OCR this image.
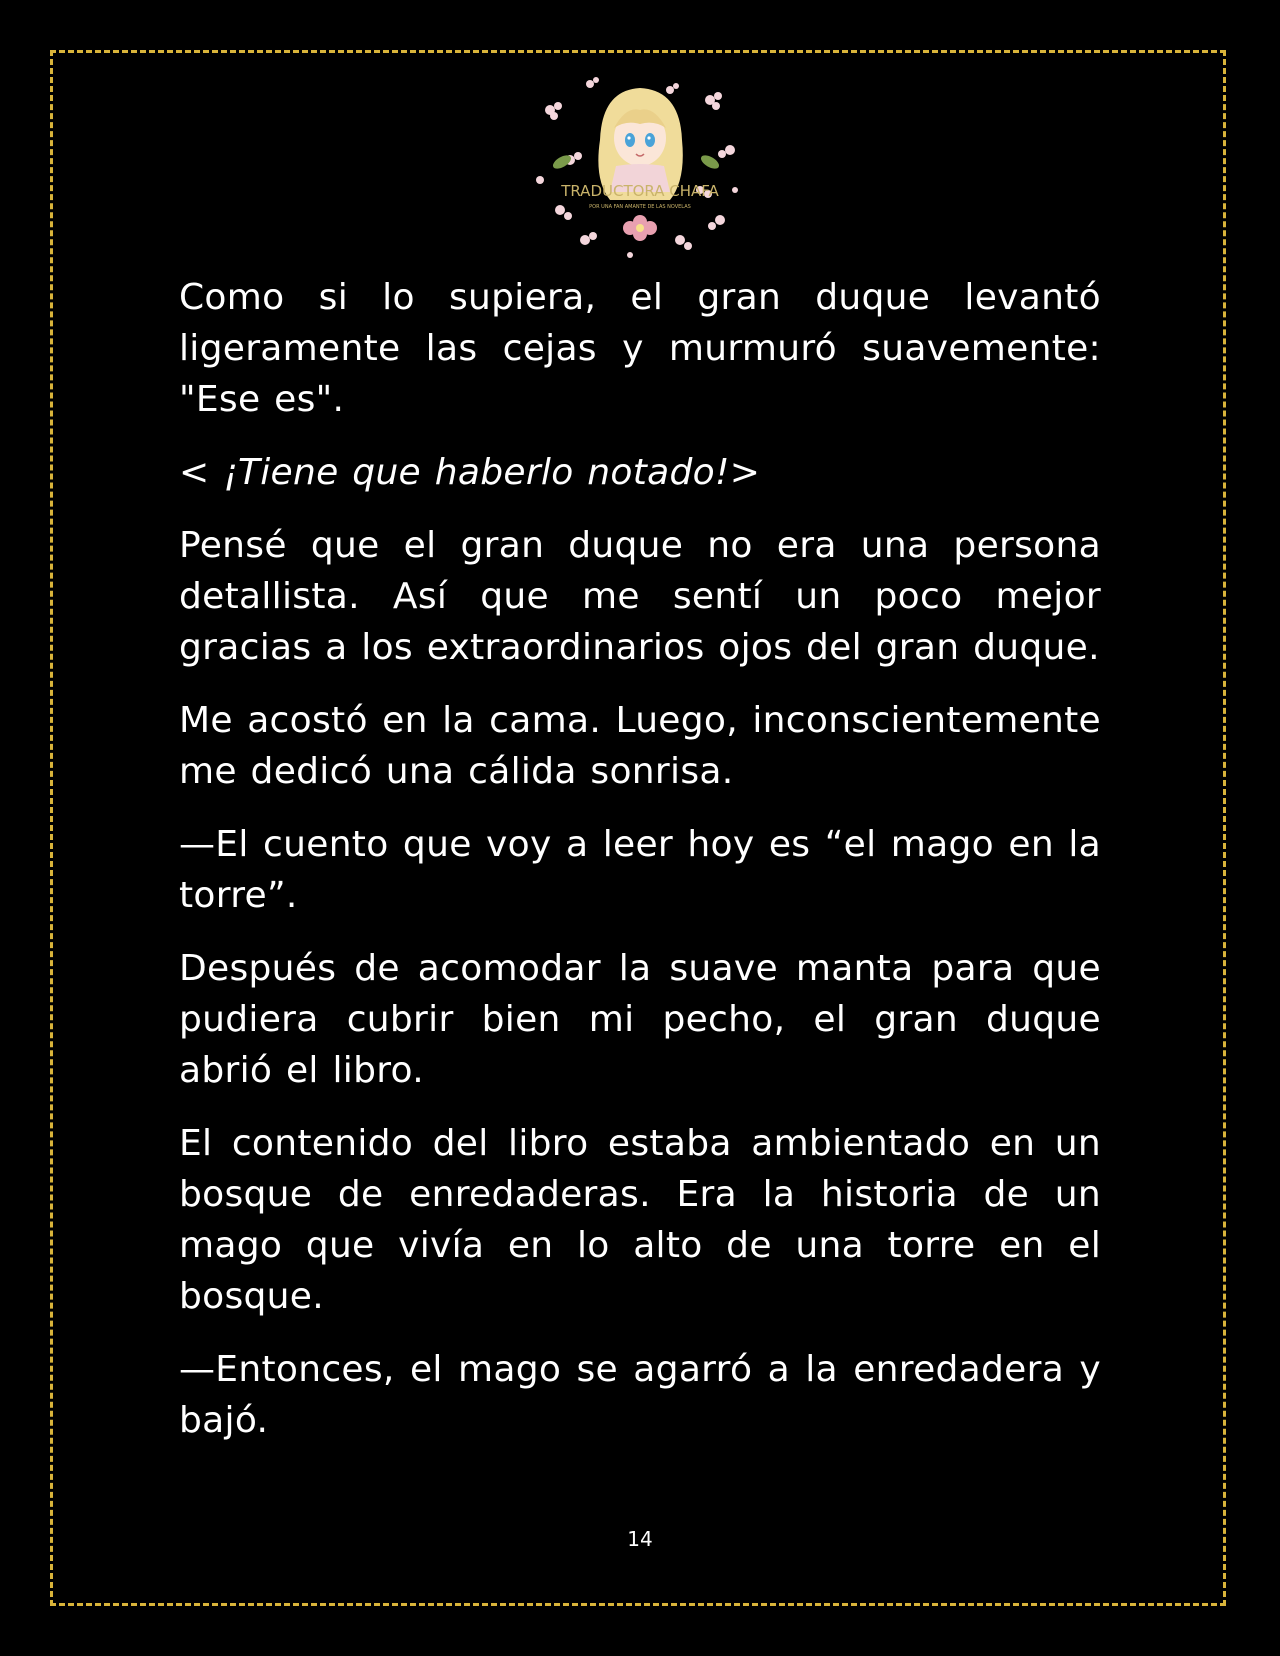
TRADUCTORA CHAFA
POR UNA FAN AMANTE DE LAS NOVELAS

Como si lo supiera, el gran duque levantó ligeramente las cejas y murmuró suavemente: "Ese es".

< ¡Tiene que haberlo notado!>

Pensé que el gran duque no era una persona detallista. Así que me sentí un poco mejor gracias a los extraordinarios ojos del gran duque.

Me acostó en la cama. Luego, inconscientemente me dedicó una cálida sonrisa.

—El cuento que voy a leer hoy es “el mago en la torre”.

Después de acomodar la suave manta para que pudiera cubrir bien mi pecho, el gran duque abrió el libro.

El contenido del libro estaba ambientado en un bosque de enredaderas. Era la historia de un mago que vivía en lo alto de una torre en el bosque.

—Entonces, el mago se agarró a la enredadera y bajó.

14
